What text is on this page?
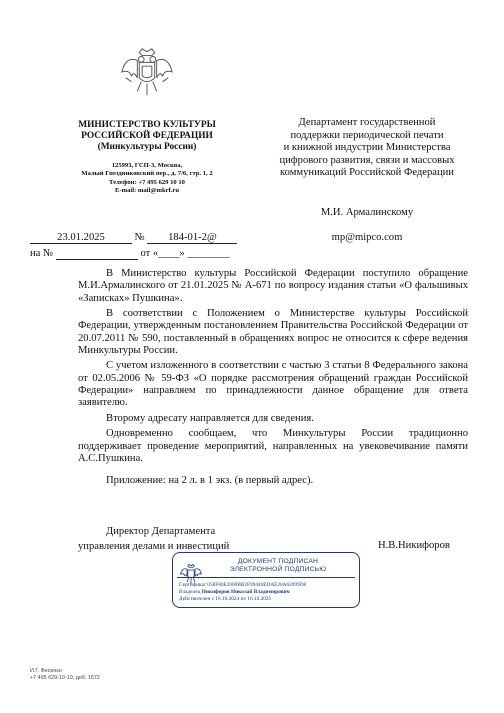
МИНИСТЕРСТВО КУЛЬТУРЫ
РОССИЙСКОЙ ФЕДЕРАЦИИ
(Минкультуры России)
125993, ГСП-3, Москва,
Малый Гнездниковский пер., д. 7/6, стр. 1, 2
Телефон: +7 495 629 10 10
E-mail: mail@mkrf.ru
Департамент государственной
поддержки периодической печати
и книжной индустрии Министерства
цифрового развития, связи и массовых
коммуникаций Российской Федерации
М.И. Армалинскому
mp@mipco.com
23.01.2025	№ 184-01-2@
на №	от «____» ________

В Министерство культуры Российской Федерации поступило обращение М.И.Армалинского от 21.01.2025 № А-671 по вопросу издания статьи «О фальшивых «Записках» Пушкина».

В соответствии с Положением о Министерстве культуры Российской Федерации, утвержденным постановлением Правительства Российской Федерации от 20.07.2011 № 590, поставленный в обращениях вопрос не относится к сфере ведения Минкультуры России.

С учетом изложенного в соответствии с частью 3 статьи 8 Федерального закона от 02.05.2006 № 59-ФЗ «О порядке рассмотрения обращений граждан Российской Федерации» направляем по принадлежности данное обращение для ответа заявителю.

Второму адресату направляется для сведения.

Одновременно сообщаем, что Минкультуры России традиционно поддерживает проведение мероприятий, направленных на увековечивание памяти А.С.Пушкина.

Приложение: на 2 л. в 1 экз. (в первый адрес).

Директор Департамента
управления делами и инвестиций	Н.В.Никифоров
ДОКУМЕНТ ПОДПИСАН
ЭЛЕКТРОННОЙ ПОДПИСЬЮ
Сертификат 058F80E2000BB2F99440EDAE20A62099D8
Владелец Никифоров Николай Владимирович
Действителен с 16.10.2024 по 16.10.2025
И.Г. Фесенко
+7 495 629-10-10, доб. 1572
